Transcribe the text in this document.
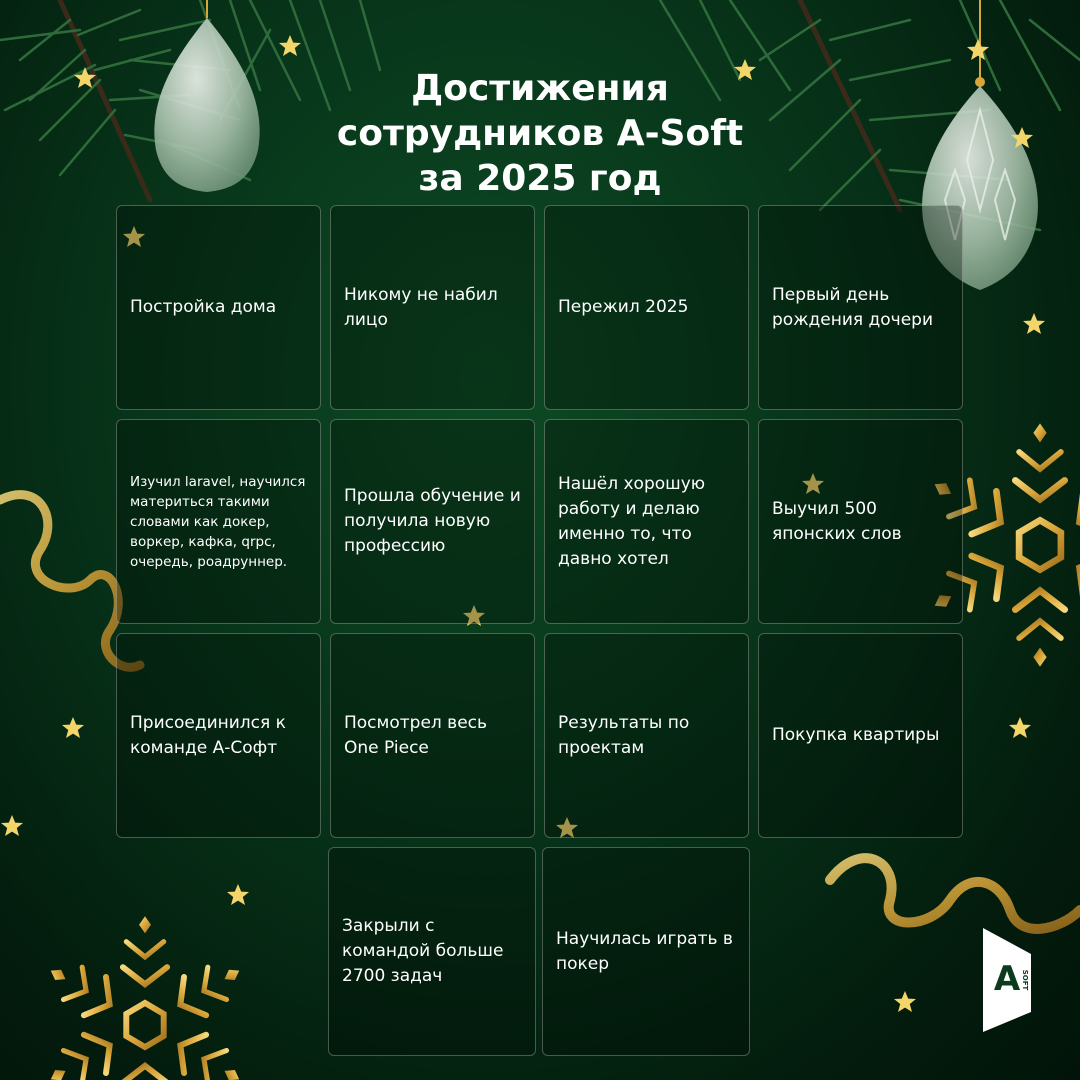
Достижения
сотрудников A-Soft
за 2025 год
Постройка дома
Никому не набил лицо
Пережил 2025
Первый день рождения дочери
Изучил laravel, научился материться такими словами как докер, воркер, кафка, qrpc, очередь, роадруннер.
Прошла обучение и получила новую профессию
Нашёл хорошую работу и делаю именно то, что давно хотел
Выучил 500 японских слов
Присоединился к команде А-Софт
Посмотрел весь One Piece
Результаты по проектам
Покупка квартиры
Закрыли с командой больше 2700 задач
Научилась играть в покер	A SOFT
